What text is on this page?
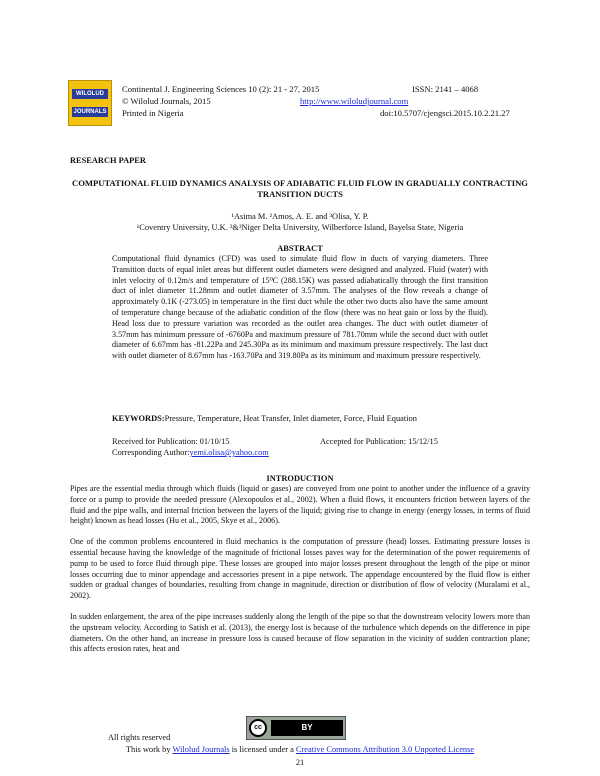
WILOLUD
JOURNALS
Continental J. Engineering Sciences 10 (2): 21 - 27, 2015	ISSN: 2141 – 4068
© Wilolud Journals, 2015	http://www.wiloludjournal.com
Printed in Nigeria	doi:10.5707/cjengsci.2015.10.2.21.27
RESEARCH PAPER
COMPUTATIONAL FLUID DYNAMICS ANALYSIS OF ADIABATIC FLUID FLOW IN GRADUALLY CONTRACTING TRANSITION DUCTS
¹Asima M. ²Amos, A. E. and ³Olisa, Y. P.
¹Coventry University, U.K. ²&³Niger Delta University, Wilberforce Island, Bayelsa State, Nigeria
ABSTRACT
Computational fluid dynamics (CFD) was used to simulate fluid flow in ducts of varying diameters. Three Transition ducts of equal inlet areas but different outlet diameters were designed and analyzed. Fluid (water) with inlet velocity of 0.12m/s and temperature of 15⁰C (288.15K) was passed adiabatically through the first transition duct of inlet diameter 11.28mm and outlet diameter of 3.57mm. The analyses of the flow reveals a change of approximately 0.1K (-273.05) in temperature in the first duct while the other two ducts also have the same amount of temperature change because of the adiabatic condition of the flow (there was no heat gain or loss by the fluid). Head loss due to pressure variation was recorded as the outlet area changes. The duct with outlet diameter of 3.57mm has minimum pressure of -6760Pa and maximum pressure of 781.70mm while the second duct with outlet diameter of 6.67mm has -81.22Pa and 245.30Pa as its minimum and maximum pressure respectively. The last duct with outlet diameter of 8.67mm has -163.70Pa and 319.80Pa as its minimum and maximum pressure respectively.
KEYWORDS:Pressure, Temperature, Heat Transfer, Inlet diameter, Force, Fluid Equation
Received for Publication: 01/10/15	Accepted for Publication: 15/12/15
Corresponding Author:yemi.olisa@yahoo.com
INTRODUCTION

Pipes are the essential media through which fluids (liquid or gases) are conveyed from one point to another under the influence of a gravity force or a pump to provide the needed pressure (Alexopoulos et al., 2002). When a fluid flows, it encounters friction between layers of the fluid and the pipe walls, and internal friction between the layers of the liquid; giving rise to change in energy (energy losses, in terms of fluid height) known as head losses (Hu et al., 2005, Skye et al., 2006).

One of the common problems encountered in fluid mechanics is the computation of pressure (head) losses. Estimating pressure losses is essential because having the knowledge of the magnitude of frictional losses paves way for the determination of the power requirements of pump to be used to force fluid through pipe. These losses are grouped into major losses present throughout the length of the pipe or minor losses occurring due to minor appendage and accessories present in a pipe network. The appendage encountered by the fluid flow is either sudden or gradual changes of boundaries, resulting from change in magnitude, direction or distribution of flow of velocity (Muralami et al., 2002).

In sudden enlargement, the area of the pipe increases suddenly along the length of the pipe so that the downstream velocity lowers more than the upstream velocity. According to Satish et al. (2013), the energy lost is because of the turbulence which depends on the difference in pipe diameters. On the other hand, an increase in pressure loss is caused because of flow separation in the vicinity of sudden contraction plane; this affects erosion rates, heat and

cc	BY
All rights reserved
This work by Wilolud Journals is licensed under a Creative Commons Attribution 3.0 Unported License
21
